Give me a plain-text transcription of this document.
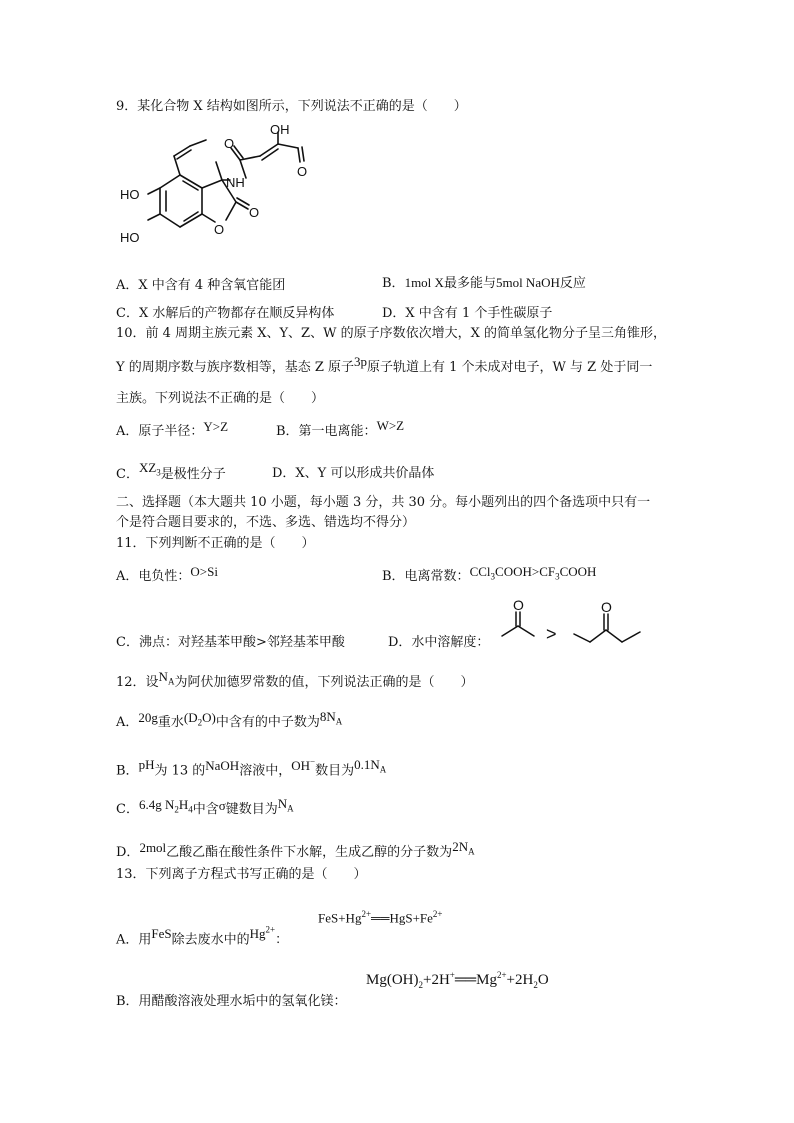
9．某化合物 X 结构如图所示，下列说法不正确的是（　　）
OH
O
NH
HO
HO
O
O
O
A．X 中含有 4 种含氧官能团	B．1mol X最多能与5mol NaOH反应
C．X 水解后的产物都存在顺反异构体	D．X 中含有 1 个手性碳原子
10．前 4 周期主族元素 X、Y、Z、W 的原子序数依次增大，X 的简单氢化物分子呈三角锥形，
Y 的周期序数与族序数相等，基态 Z 原子3p原子轨道上有 1 个未成对电子，W 与 Z 处于同一
主族。下列说法不正确的是（　　）
A．原子半径：Y>Z	B．第一电离能：W>Z
C．$XZ_3$是极性分子	D．X、Y 可以形成共价晶体
二、选择题（本大题共 10 小题，每小题 3 分，共 30 分。每小题列出的四个备选项中只有一
个是符合题目要求的，不选、多选、错选均不得分）
11．下列判断不正确的是（　　）
A．电负性：O>Si	B．电离常数：$CCl_3COOH>CF_3COOH$
C．沸点：对羟基苯甲酸>邻羟基苯甲酸	D．水中溶解度：
O	O
>
12．设$N_A$为阿伏加德罗常数的值，下列说法正确的是（　　）
A．20g重水$(D_2O)$中含有的中子数为$8N_A$
B．pH为 13 的NaOH溶液中，OH−数目为$0.1N_A$
C．6.4g $N_2H_4$中含σ键数目为$N_A$
D．2mol乙酸乙酯在酸性条件下水解，生成乙醇的分子数为$2N_A$
13．下列离子方程式书写正确的是（　　）
$FeS+Hg^{2+}══HgS+Fe^{2+}$
A．用FeS除去废水中的$Hg^{2+}$：
$Mg(OH)_2+2H^+══Mg^{2+}+2H_2O$
B．用醋酸溶液处理水垢中的氢氧化镁：
